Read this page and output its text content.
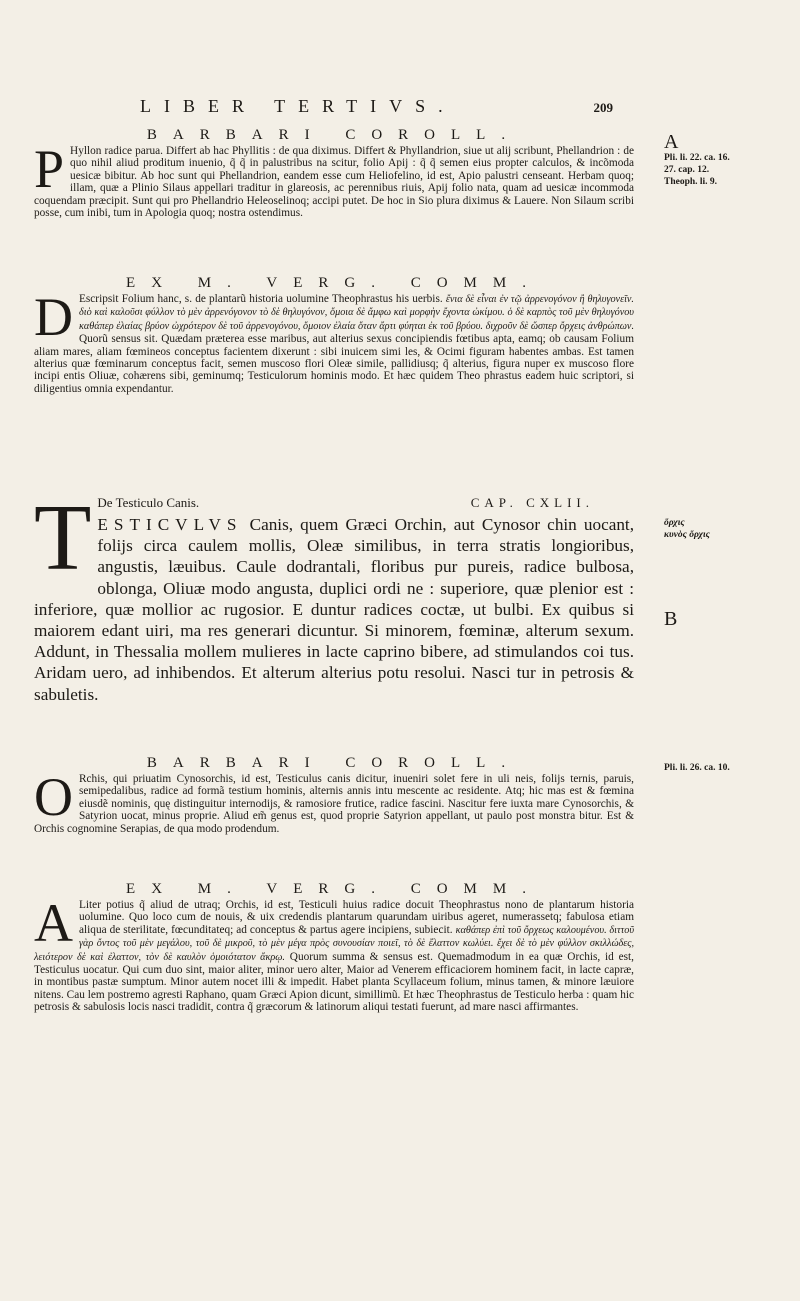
LIBER TERTIVS.	209
BARBARI COROLL.
P Hyllon radice parua. Differt ab hac Phyllitis : de qua diximus. Differt & Phyllandrion, siue ut alij scribunt, Phellandrion : de quo nihil aliud proditum inuenio, q̃ q̃ in palustribus na scitur, folio Apij : q̃ q̃ semen eius propter calculos, & incõmoda uesicæ bibitur. Ab hoc sunt qui Phellandrion, eandem esse cum Heliofelino, id est, Apio palustri censeant. Herbam quoq; illam, quæ a Plinio Silaus appellari traditur in glareosis, ac perennibus riuis, Apij folio nata, quam ad uesicæ incommoda coquendam præcipit. Sunt qui pro Phellandrio Heleoselinoq; accipi putet. De hoc in Sio plura diximus & Lauere. Non Silaum scribi posse, cum inibi, tum in Apologia quoq; nostra ostendimus.
EX M. VERG. COMM.
D Escripsit Folium hanc, s. de plantarũ historia uolumine Theophrastus his uerbis. ἔνια δὲ εἶναι ἐν τῷ ἀρρενογόνον ἢ θηλυγονεῖν. διὸ καὶ καλοῦσι φύλλον τὸ μὲν ἀρρενόγονον τὸ δὲ θηλυγόνον, ὅμοια δὲ ἄμφω καὶ μορφὴν ἔχοντα ὠκίμου. ὁ δὲ καρπὸς τοῦ μὲν θηλυγόνου καθάπερ ἐλαίας βρύον ὠχρότερον δὲ τοῦ ἀρρενογόνου, ὅμοιον ἐλαία ὅταν ἄρτι φύηται ἐκ τοῦ βρύου. διχροῦν δὲ ὥσπερ ὄρχεις ἀνθρώπων. Quorũ sensus sit. Quædam præterea esse maribus, aut alterius sexus concipiendis fœtibus apta, eamq; ob causam Folium aliam mares, aliam fœmineos conceptus facientem dixerunt : sibi inuicem simi les, & Ocimi figuram habentes ambas. Est tamen alterius quæ fœminarum conceptus facit, semen muscoso flori Oleæ simile, pallidiusq; q̃ alterius, figura nuper ex muscoso flore incipi entis Oliuæ, cohærens sibi, geminumq; Testiculorum hominis modo. Et hæc quidem Theo phrastus eadem huic scriptori, si diligentius omnia expendantur.
T De Testiculo Canis.	CAP. CXLII.
ESTICVLVS Canis, quem Græci Orchin, aut Cynosor chin uocant, folijs circa caulem mollis, Oleæ similibus, in terra stratis longioribus, angustis, læuibus. Caule dodrantali, floribus pur pureis, radice bulbosa, oblonga, Oliuæ modo angusta, duplici ordi ne : superiore, quæ plenior est : inferiore, quæ mollior ac rugosior. E duntur radices coctæ, ut bulbi. Ex quibus si maiorem edant uiri, ma res generari dicuntur. Si minorem, fœminæ, alterum sexum. Addunt, in Thessalia mollem mulieres in lacte caprino bibere, ad stimulandos coi tus. Aridam uero, ad inhibendos. Et alterum alterius potu resolui. Nasci tur in petrosis & sabuletis.
BARBARI COROLL.
O Rchis, qui priuatim Cynosorchis, id est, Testiculus canis dicitur, inueniri solet fere in uli neis, folijs ternis, paruis, semipedalibus, radice ad formã testium hominis, alternis annis intu mescente ac residente. Atq; hic mas est & fœmina eiusdẽ nominis, quę distinguitur internodijs, & ramosiore frutice, radice fascini. Nascitur fere iuxta mare Cynosorchis, & Satyrion uocat, minus proprie. Aliud em̃ genus est, quod proprie Satyrion appellant, ut paulo post monstra bitur. Est & Orchis cognomine Serapias, de qua modo prodendum.
EX M. VERG. COMM.
A Liter potius q̃ aliud de utraq; Orchis, id est, Testiculi huius radice docuit Theophrastus nono de plantarum historia uolumine. Quo loco cum de nouis, & uix credendis plantarum quarundam uiribus ageret, numerassetq; fabulosa etiam aliqua de sterilitate, fœcunditateq; ad conceptus & partus agere incipiens, subiecit. καθάπερ ἐπὶ τοῦ ὄρχεως καλουμένου. διττοῦ γὰρ ὄντος τοῦ μὲν μεγάλου, τοῦ δὲ μικροῦ, τὸ μὲν μέγα πρὸς συνουσίαν ποιεῖ, τὸ δὲ ἔλαττον κωλύει. ἔχει δὲ τὸ μὲν φύλλον σκιλλώδες, λειότερον δὲ καὶ ἐλαττον, τὸν δὲ καυλὸν ὁμοιότατον ἄκρῳ. Quorum summa & sensus est. Quemadmodum in ea quæ Orchis, id est, Testiculus uocatur. Qui cum duo sint, maior aliter, minor uero alter, Maior ad Venerem efficaciorem hominem facit, in lacte capræ, in montibus pastæ sumptum. Minor autem nocet illi & impedit. Habet planta Scyllaceum folium, minus tamen, & minore læuiore nitens. Cau lem postremo agresti Raphano, quam Græci Apion dicunt, simillimũ. Et hæc Theophrastus de Testiculo herba : quam hic petrosis & sabulosis locis nasci tradidit, contra q̃ græcorum & latinorum aliqui testati fuerunt, ad mare nasci affirmantes.
A
Pli. li. 22. ca. 16.
27. cap. 12.
Theoph. li. 9.
ὄρχις
κυνὸς ὄρχις
B
Pli. li. 26. ca. 10.
